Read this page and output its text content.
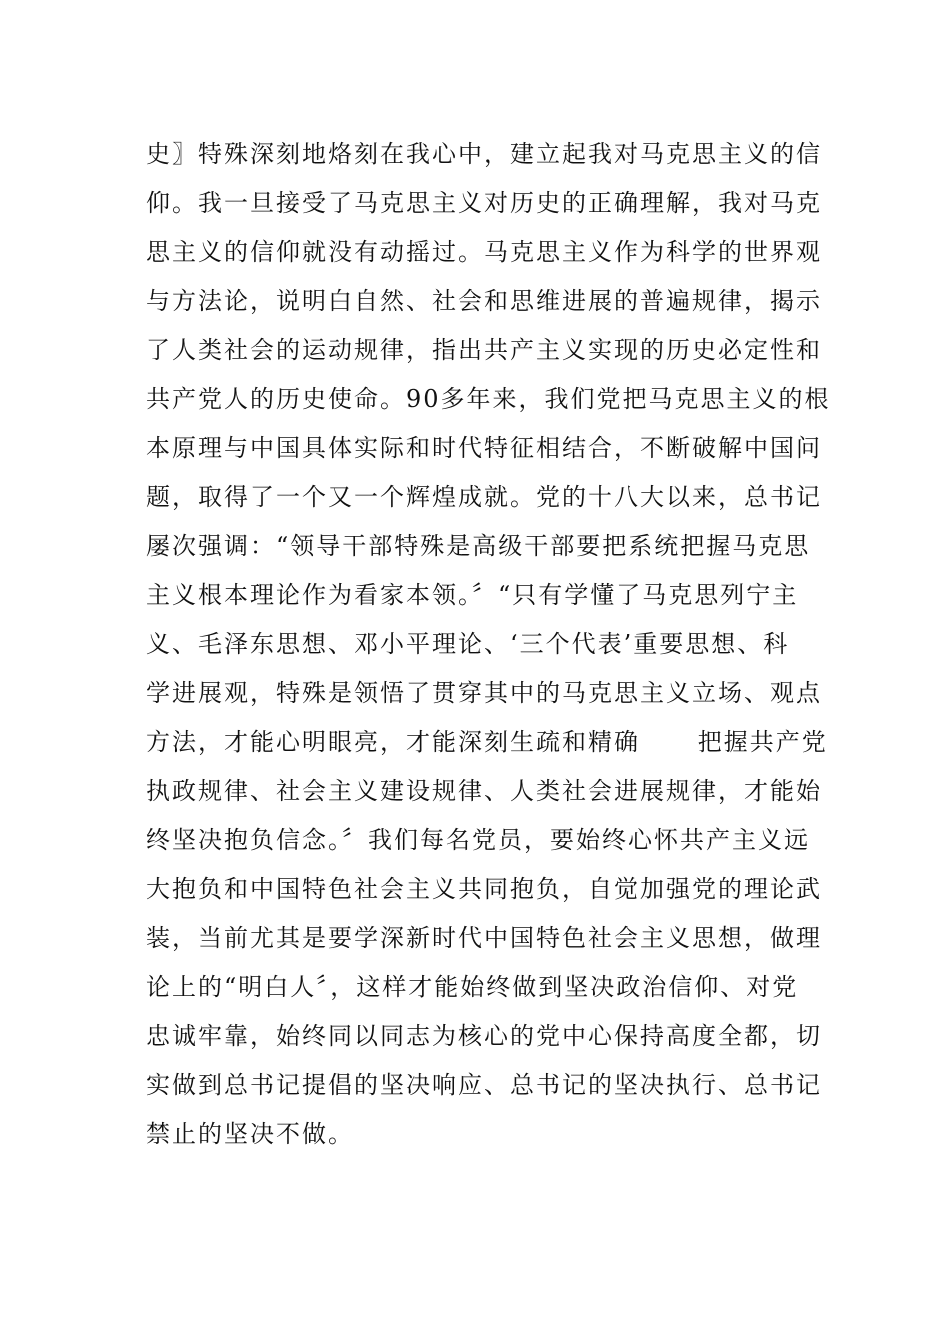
史〗特殊深刻地烙刻在我心中，建立起我对马克思主义的信
仰。我一旦接受了马克思主义对历史的正确理解，我对马克
思主义的信仰就没有动摇过。马克思主义作为科学的世界观
与方法论，说明白自然、社会和思维进展的普遍规律，揭示
了人类社会的运动规律，指出共产主义实现的历史必定性和
共产党人的历史使命。90多年来，我们党把马克思主义的根
本原理与中国具体实际和时代特征相结合，不断破解中国问
题，取得了一个又一个辉煌成就。党的十八大以来，总书记
屡次强调：“领导干部特殊是高级干部要把系统把握马克思
主义根本理论作为看家本领。〞“只有学懂了马克思列宁主
义、毛泽东思想、邓小平理论、‘三个代表’重要思想、科
学进展观，特殊是领悟了贯穿其中的马克思主义立场、观点
方法，才能心明眼亮，才能深刻生疏和精确      把握共产党
执政规律、社会主义建设规律、人类社会进展规律，才能始
终坚决抱负信念。〞我们每名党员，要始终心怀共产主义远
大抱负和中国特色社会主义共同抱负，自觉加强党的理论武
装，当前尤其是要学深新时代中国特色社会主义思想，做理
论上的“明白人〞，这样才能始终做到坚决政治信仰、对党
忠诚牢靠，始终同以同志为核心的党中心保持高度全都，切
实做到总书记提倡的坚决响应、总书记的坚决执行、总书记
禁止的坚决不做。
